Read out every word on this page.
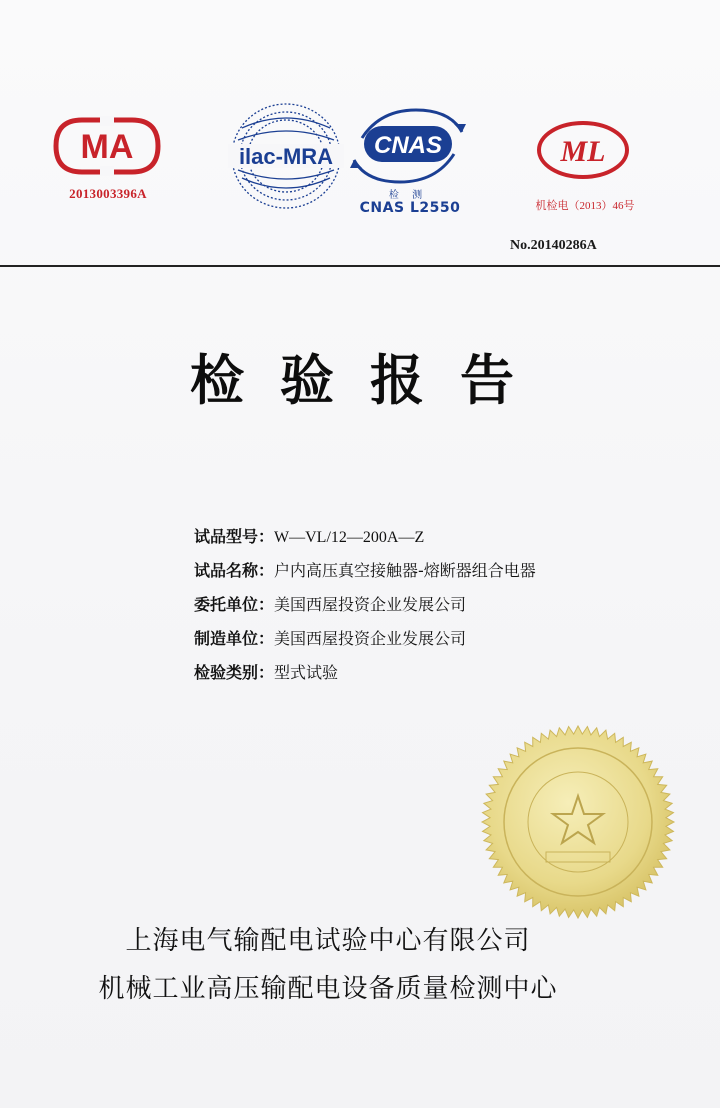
MA
2013003396A
ilac-MRA CNAS
检 测
CNAS L2550
ML
机检电（2013）46号
No.20140286A
检验报告
试品型号：W—VL/12—200A—Z
试品名称：户内高压真空接触器-熔断器组合电器
委托单位：美国西屋投资企业发展公司
制造单位：美国西屋投资企业发展公司
检验类别：型式试验
上海电气输配电试验中心有限公司
机械工业高压输配电设备质量检测中心
